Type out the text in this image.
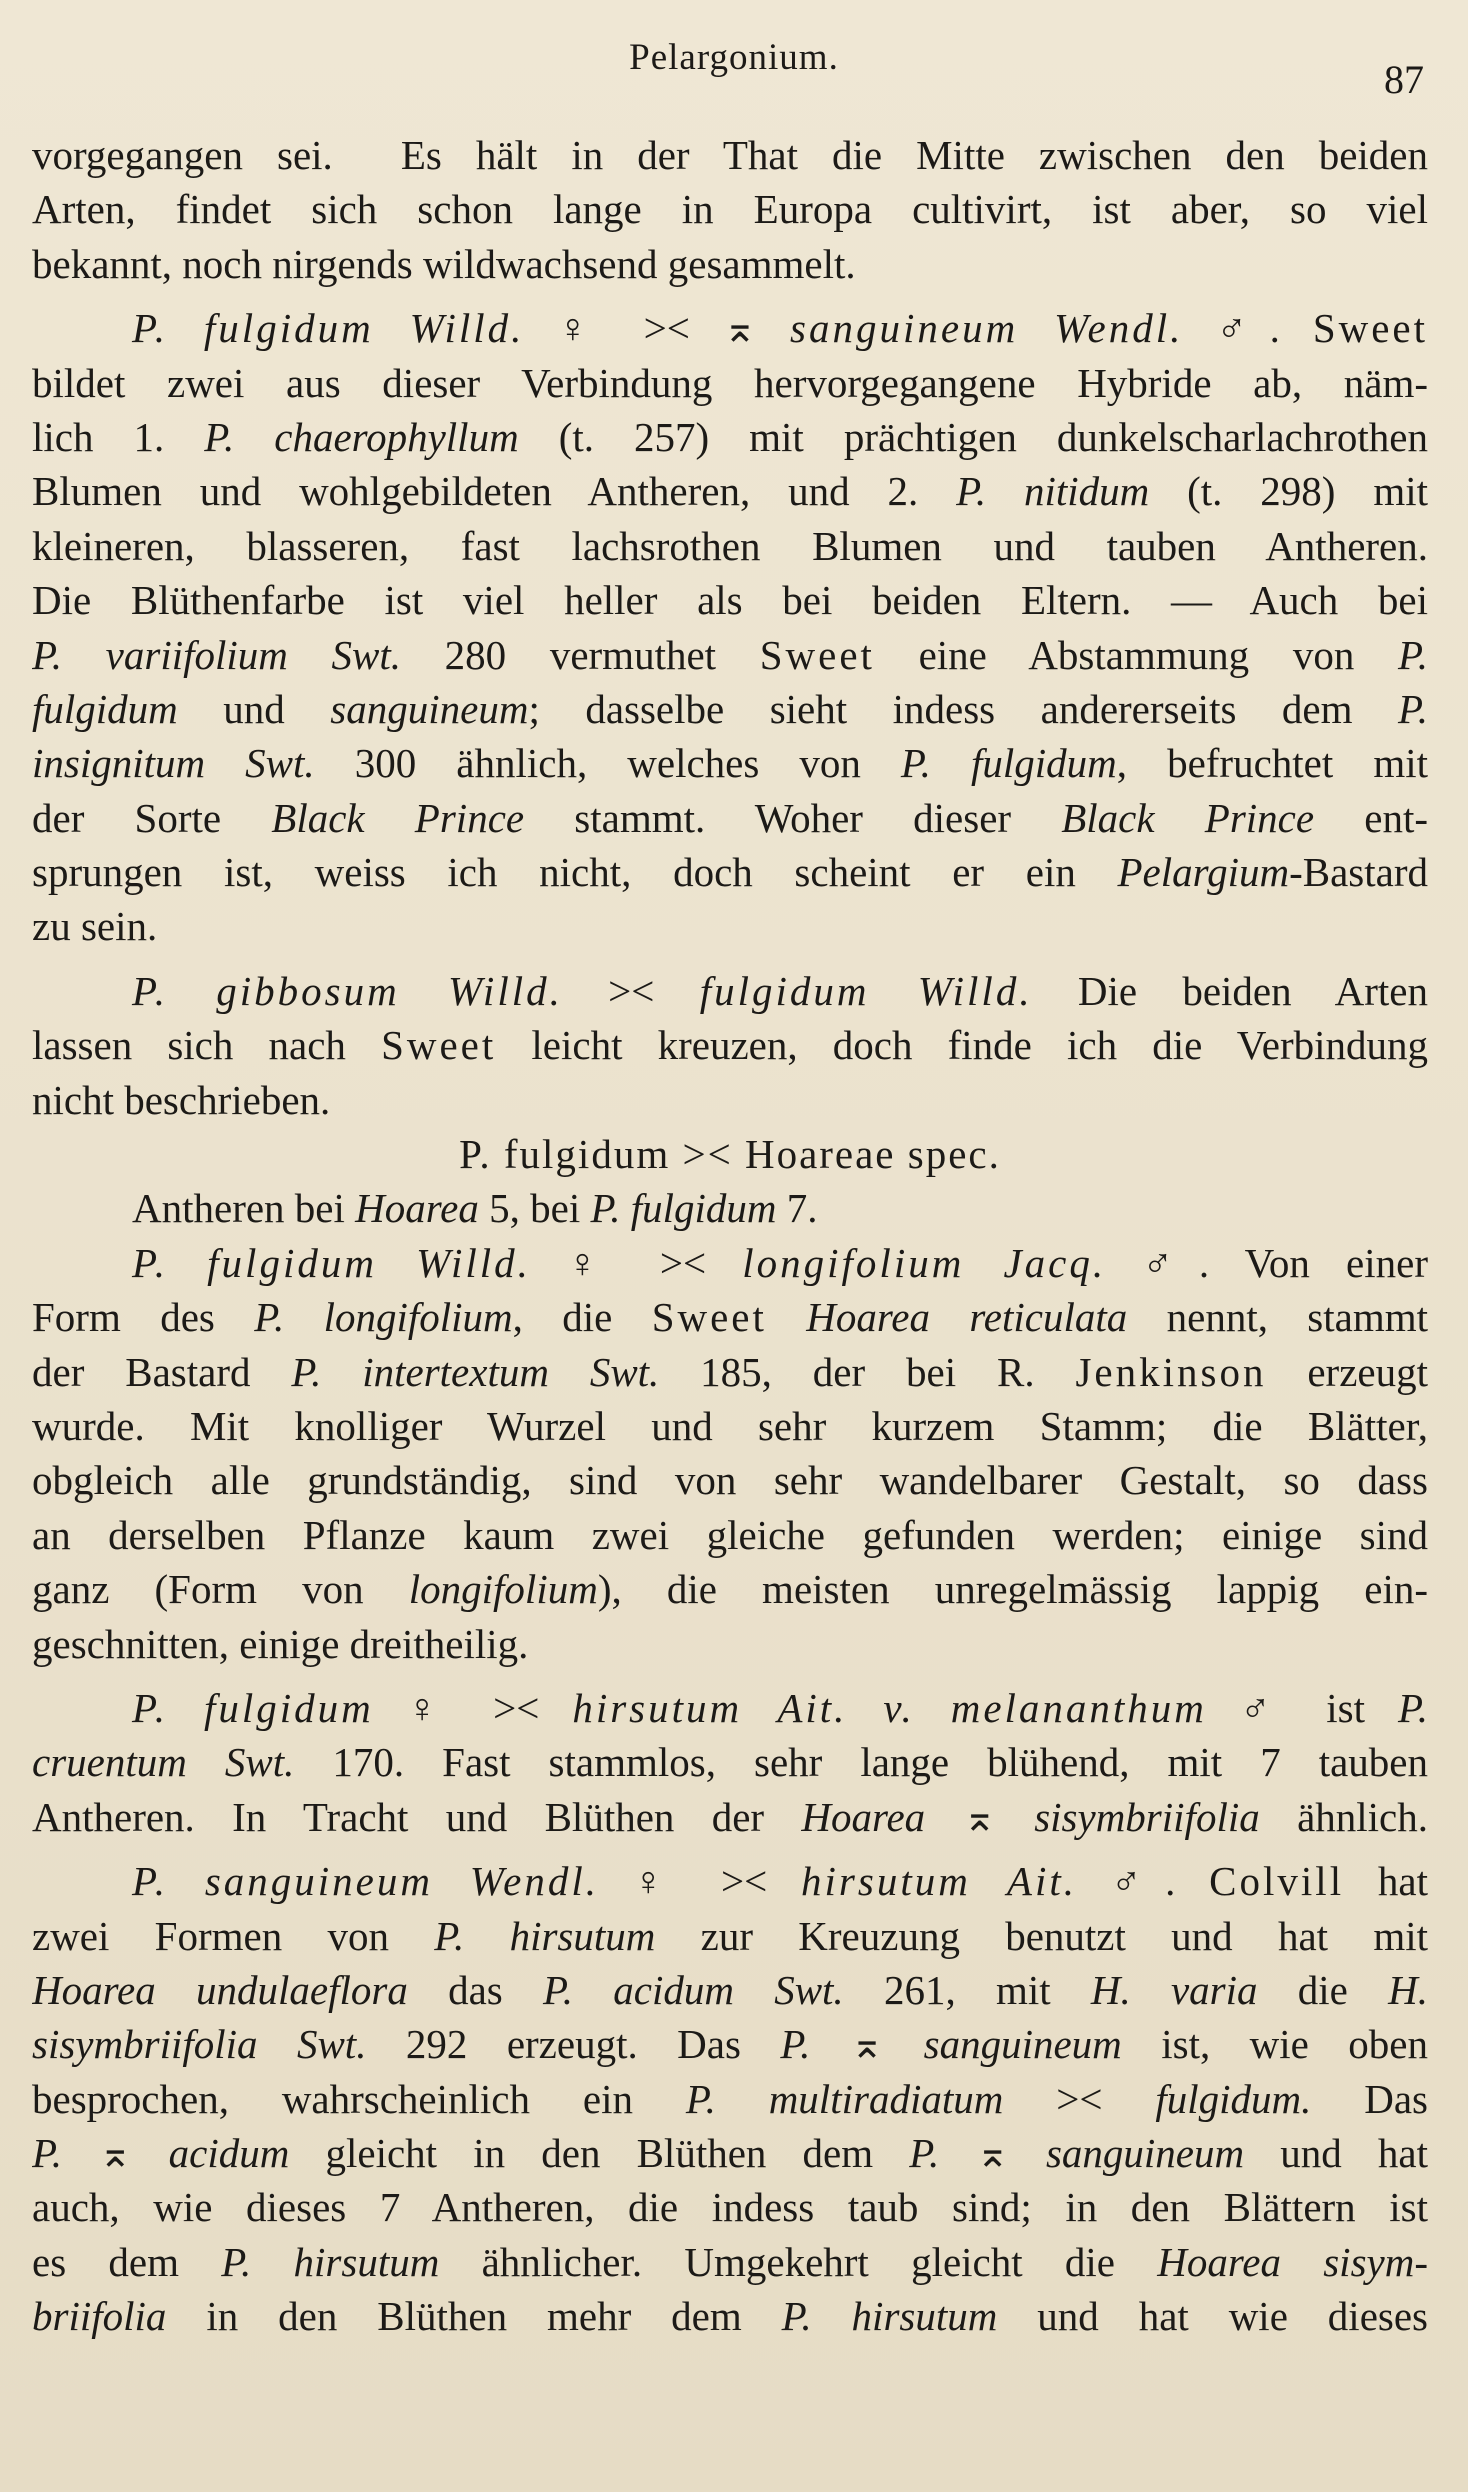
Pelargonium.	87
vorgegangen sei.  Es hält in der That die Mitte zwischen den beiden
Arten, findet sich schon lange in Europa cultivirt, ist aber, so viel
bekannt, noch nirgends wildwachsend gesammelt.
P. fulgidum Willd. ♀ >< ⌅ sanguineum Wendl. ♂. Sweet
bildet zwei aus dieser Verbindung hervorgegangene Hybride ab, näm-
lich 1. P. chaerophyllum (t. 257) mit prächtigen dunkelscharlachrothen
Blumen und wohlgebildeten Antheren, und 2. P. nitidum (t. 298) mit
kleineren, blasseren, fast lachsrothen Blumen und tauben Antheren.
Die Blüthenfarbe ist viel heller als bei beiden Eltern. — Auch bei
P. variifolium Swt. 280 vermuthet Sweet eine Abstammung von P.
fulgidum und sanguineum; dasselbe sieht indess andererseits dem P.
insignitum Swt. 300 ähnlich, welches von P. fulgidum, befruchtet mit
der Sorte Black Prince stammt. Woher dieser Black Prince ent-
sprungen ist, weiss ich nicht, doch scheint er ein Pelargium-Bastard
zu sein.
P. gibbosum Willd. >< fulgidum Willd. Die beiden Arten
lassen sich nach Sweet leicht kreuzen, doch finde ich die Verbindung
nicht beschrieben.
P. fulgidum >< Hoareae spec.
Antheren bei Hoarea 5, bei P. fulgidum 7.
P. fulgidum Willd. ♀ >< longifolium Jacq. ♂. Von einer
Form des P. longifolium, die Sweet Hoarea reticulata nennt, stammt
der Bastard P. intertextum Swt. 185, der bei R. Jenkinson erzeugt
wurde. Mit knolliger Wurzel und sehr kurzem Stamm; die Blätter,
obgleich alle grundständig, sind von sehr wandelbarer Gestalt, so dass
an derselben Pflanze kaum zwei gleiche gefunden werden; einige sind
ganz (Form von longifolium), die meisten unregelmässig lappig ein-
geschnitten, einige dreitheilig.
P. fulgidum ♀ >< hirsutum Ait. v. melananthum ♂ ist P.
cruentum Swt. 170. Fast stammlos, sehr lange blühend, mit 7 tauben
Antheren. In Tracht und Blüthen der Hoarea ⌅ sisymbriifolia ähnlich.
P. sanguineum Wendl. ♀ >< hirsutum Ait. ♂. Colvill hat
zwei Formen von P. hirsutum zur Kreuzung benutzt und hat mit
Hoarea undulaeflora das P. acidum Swt. 261, mit H. varia die H.
sisymbriifolia Swt. 292 erzeugt. Das P. ⌅ sanguineum ist, wie oben
besprochen, wahrscheinlich ein P. multiradiatum >< fulgidum. Das
P. ⌅ acidum gleicht in den Blüthen dem P. ⌅ sanguineum und hat
auch, wie dieses 7 Antheren, die indess taub sind; in den Blättern ist
es dem P. hirsutum ähnlicher. Umgekehrt gleicht die Hoarea sisym-
briifolia in den Blüthen mehr dem P. hirsutum und hat wie dieses
